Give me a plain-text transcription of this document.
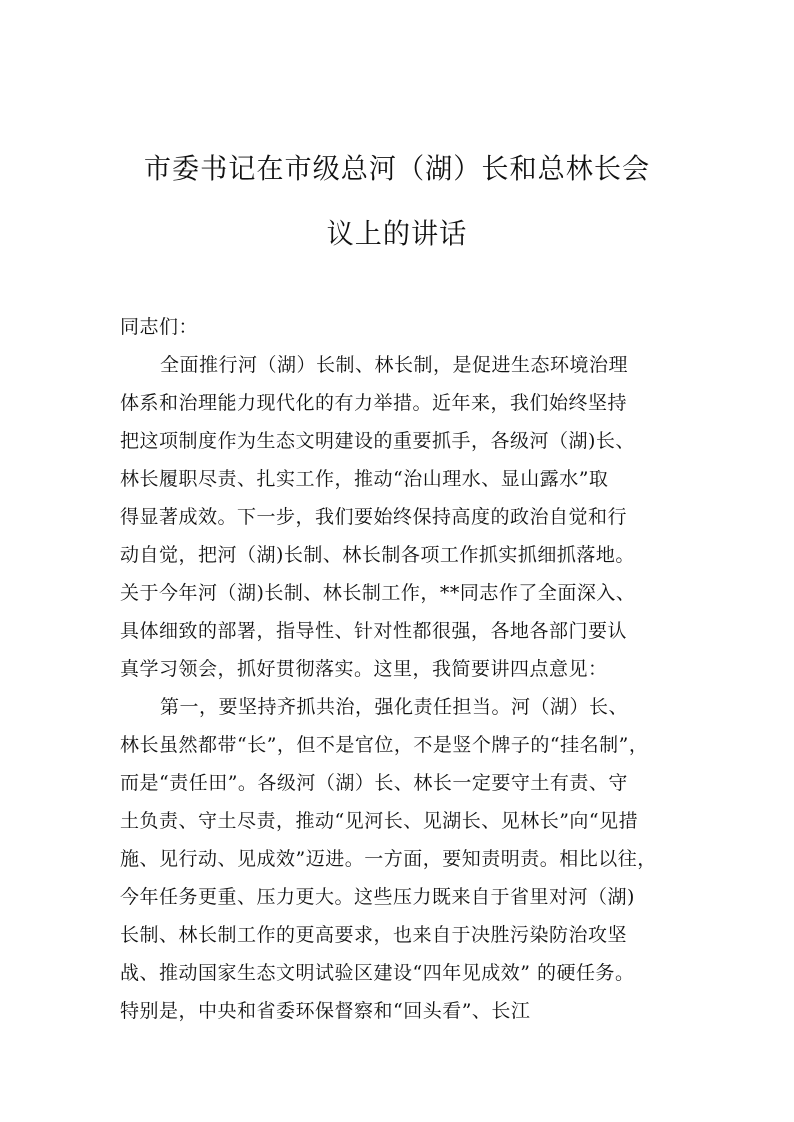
市委书记在市级总河（湖）长和总林长会
议上的讲话
同志们：
全面推行河（湖）长制、林长制，是促进生态环境治理
体系和治理能力现代化的有力举措。近年来，我们始终坚持
把这项制度作为生态文明建设的重要抓手，各级河（湖)长、
林长履职尽责、扎实工作，推动“治山理水、显山露水”取
得显著成效。下一步，我们要始终保持高度的政治自觉和行
动自觉，把河（湖)长制、林长制各项工作抓实抓细抓落地。
关于今年河（湖)长制、林长制工作，**同志作了全面深入、
具体细致的部署，指导性、针对性都很强，各地各部门要认
真学习领会，抓好贯彻落实。这里，我简要讲四点意见：
第一，要坚持齐抓共治，强化责任担当。河（湖）长、
林长虽然都带“长”，但不是官位，不是竖个牌子的“挂名制”，
而是“责任田”。各级河（湖）长、林长一定要守土有责、守
土负责、守土尽责，推动“见河长、见湖长、见林长”向“见措
施、见行动、见成效”迈进。一方面，要知责明责。相比以往，
今年任务更重、压力更大。这些压力既来自于省里对河（湖)
长制、林长制工作的更高要求，也来自于决胜污染防治攻坚
战、推动国家生态文明试验区建设“四年见成效” 的硬任务。
特别是，中央和省委环保督察和“回头看”、长江
